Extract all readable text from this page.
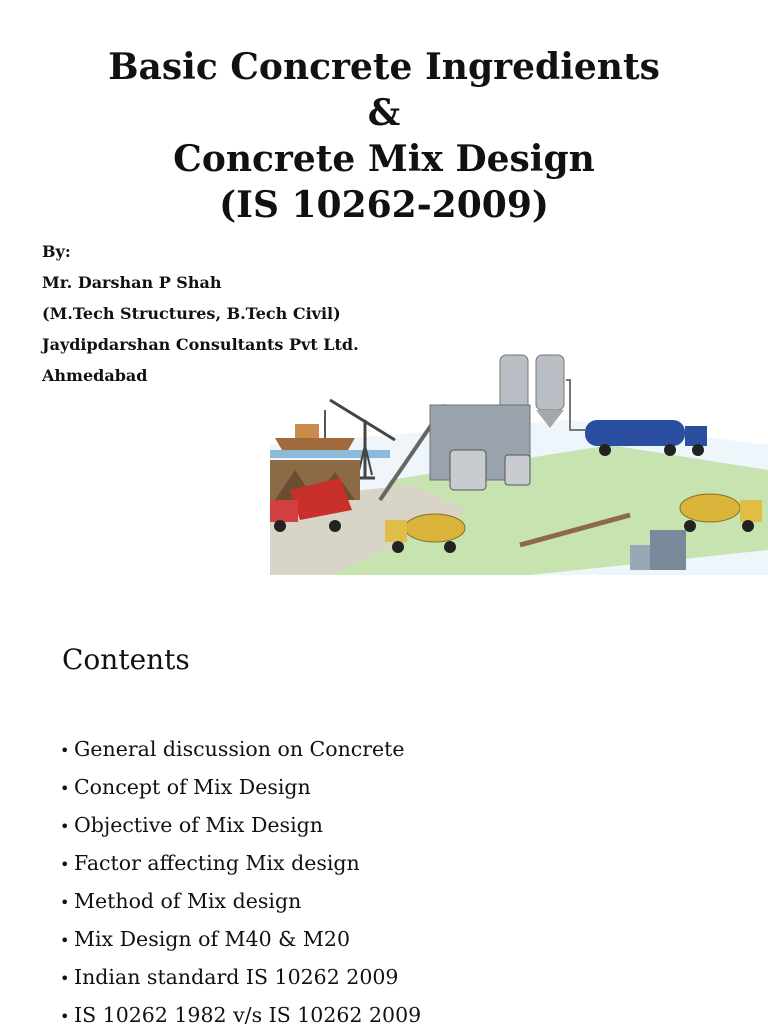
Basic Concrete Ingredients
&
Concrete Mix Design
(IS 10262-2009)
By:
Mr. Darshan P Shah
(M.Tech Structures, B.Tech Civil)
Jaydipdarshan Consultants Pvt Ltd.
Ahmedabad
Contents
• General discussion on Concrete
• Concept of Mix Design
• Objective of Mix Design
• Factor affecting Mix design
• Method of Mix design
• Mix Design of M40 & M20
• Indian standard IS 10262 2009
• IS 10262 1982 v/s IS 10262 2009
